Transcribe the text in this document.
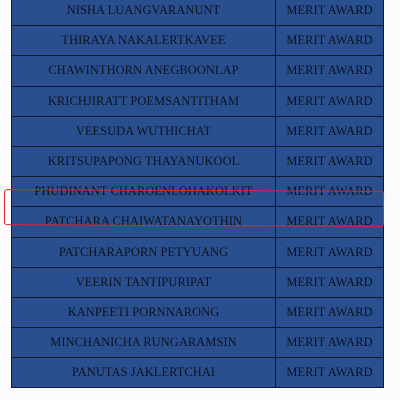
NISHA LUANGVARANUNT	MERIT AWARD
THIRAYA NAKALERTKAVEE	MERIT AWARD
CHAWINTHORN ANEGBOONLAP	MERIT AWARD
KRICHJIRATT POEMSANTITHAM	MERIT AWARD
VEESUDA WUTHICHAT	MERIT AWARD
KRITSUPAPONG THAYANUKOOL	MERIT AWARD
PHUDINANT CHAROENLOHAKOLKIT	MERIT AWARD
PATCHARA CHAIWATANAYOTHIN	MERIT AWARD
PATCHARAPORN PETYUANG	MERIT AWARD
VEERIN TANTIPURIPAT	MERIT AWARD
KANPEETI PORNNARONG	MERIT AWARD
MINCHANICHA RUNGARAMSIN	MERIT AWARD
PANUTAS JAKLERTCHAI	MERIT AWARD
